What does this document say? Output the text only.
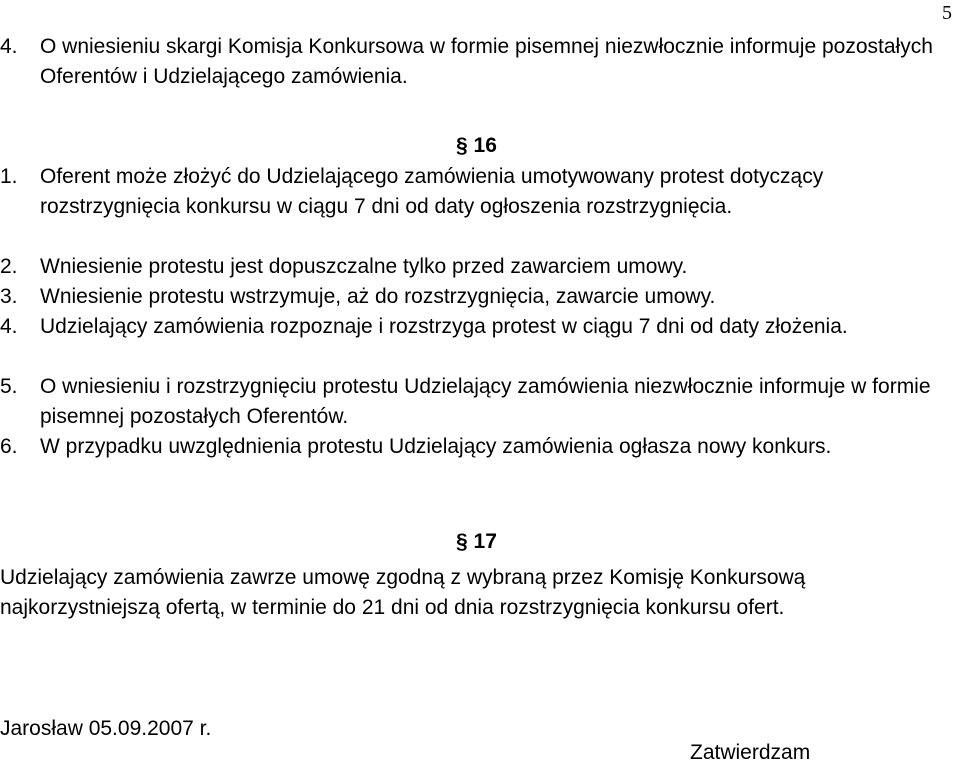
5
4.	O wniesieniu skargi Komisja Konkursowa w formie pisemnej niezwłocznie informuje pozostałych Oferentów i Udzielającego zamówienia.
§ 16
1.	Oferent może złożyć do Udzielającego zamówienia umotywowany protest dotyczący rozstrzygnięcia konkursu w ciągu 7 dni od daty ogłoszenia rozstrzygnięcia.
2.	Wniesienie protestu jest dopuszczalne tylko przed zawarciem umowy.
3.	Wniesienie protestu wstrzymuje, aż do rozstrzygnięcia, zawarcie umowy.
4.	Udzielający zamówienia rozpoznaje i rozstrzyga protest w ciągu 7 dni od daty złożenia.
5.	O wniesieniu i rozstrzygnięciu protestu Udzielający zamówienia niezwłocznie informuje w formie pisemnej pozostałych Oferentów.
6.	W przypadku uwzględnienia protestu Udzielający zamówienia ogłasza nowy konkurs.
§ 17
Udzielający zamówienia zawrze umowę zgodną z wybraną przez Komisję Konkursową najkorzystniejszą ofertą, w terminie do 21 dni od dnia rozstrzygnięcia konkursu ofert.
Jarosław 05.09.2007 r.
Zatwierdzam
